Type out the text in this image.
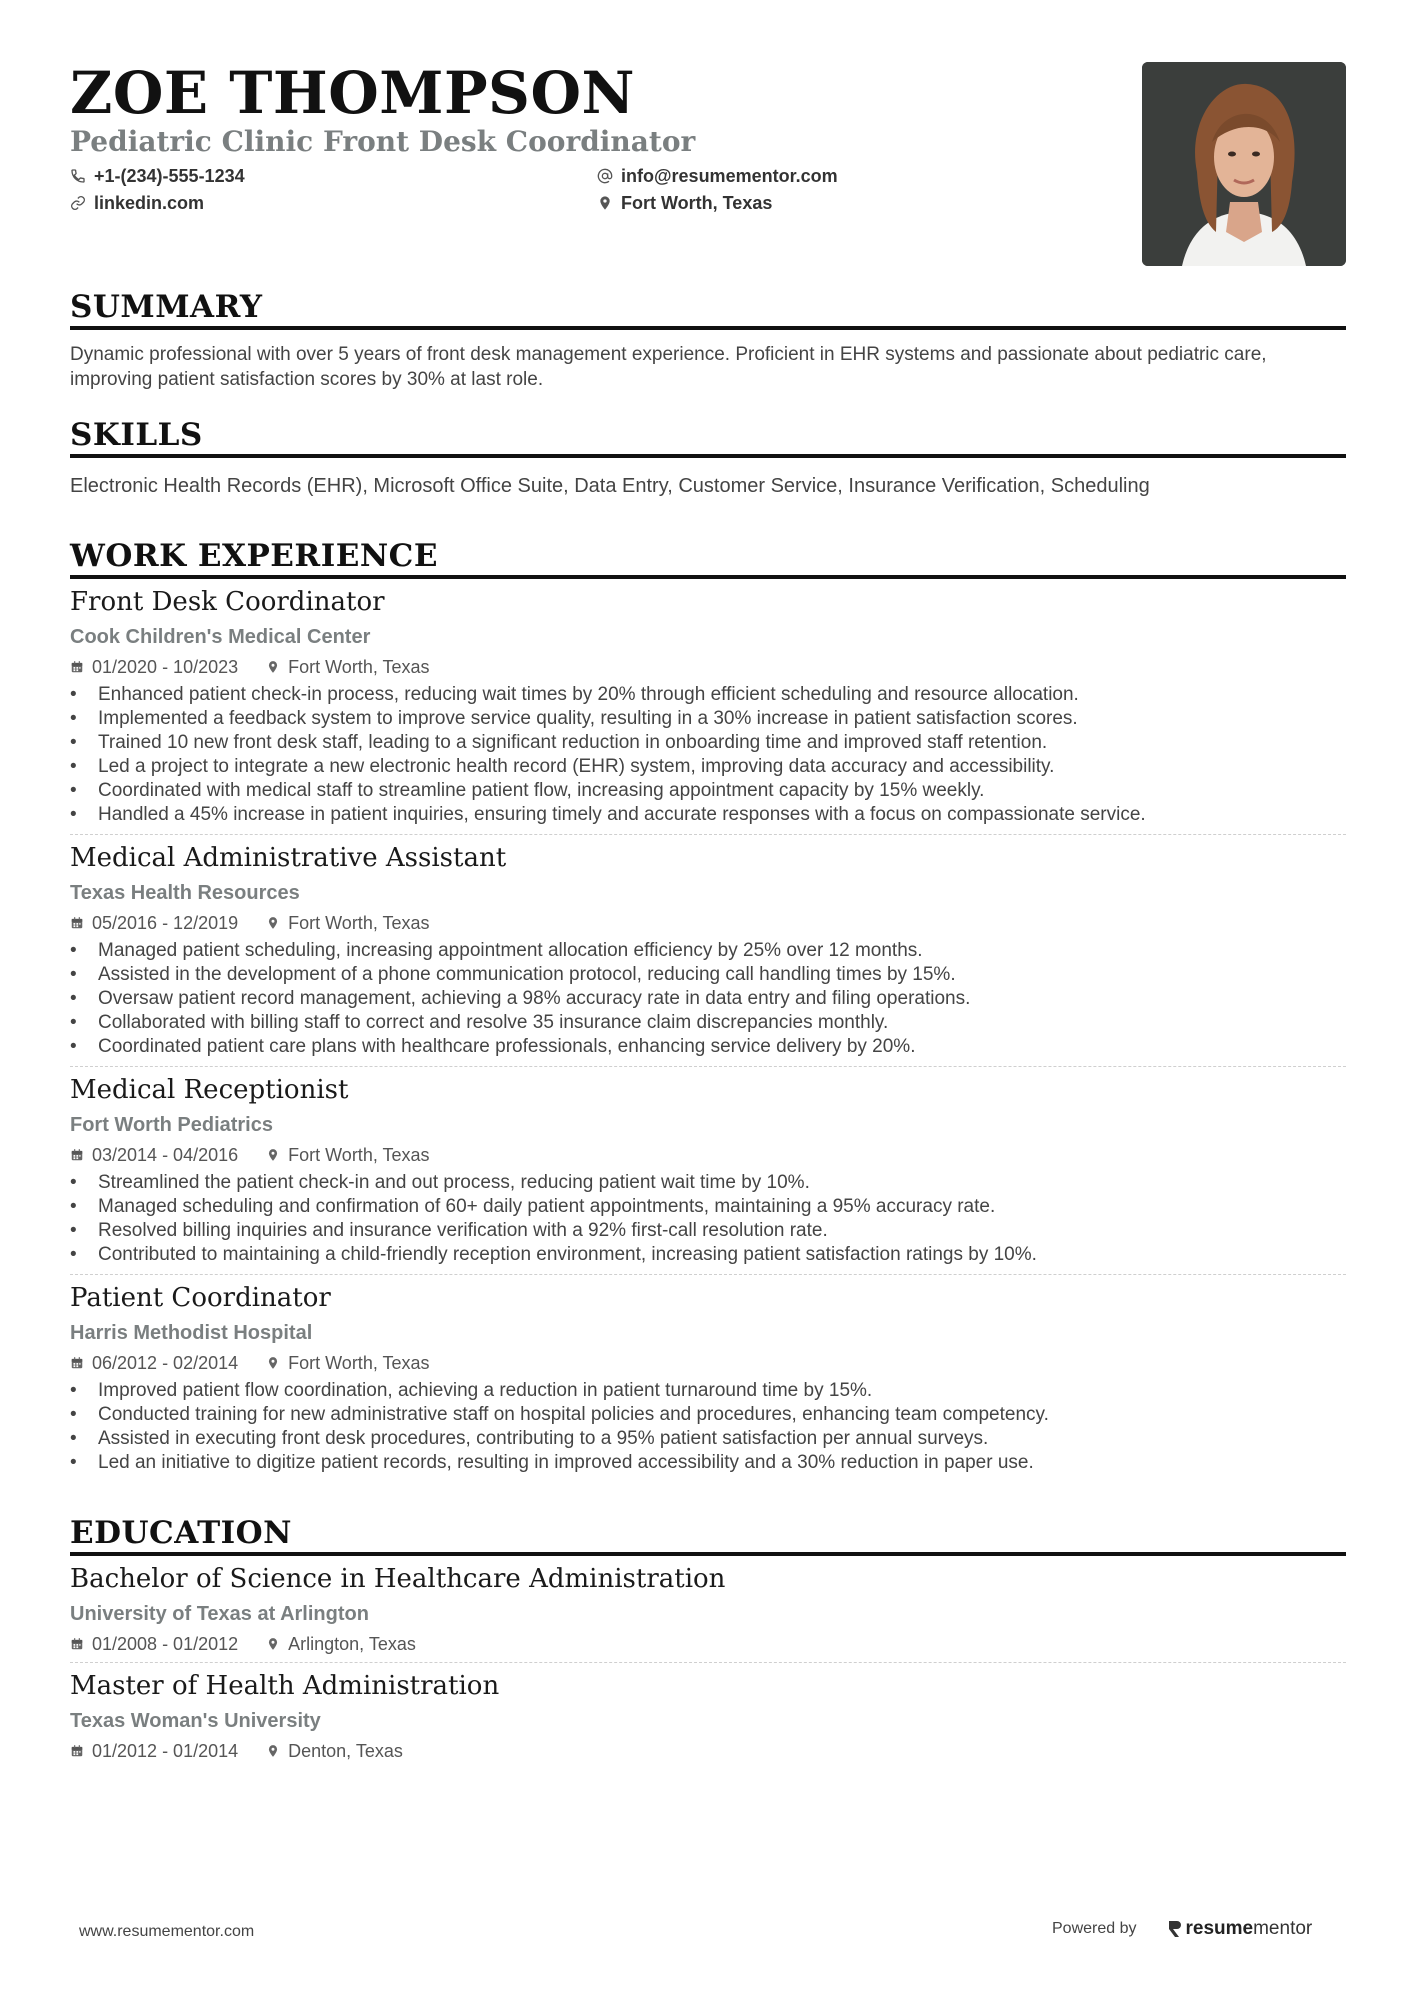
ZOE THOMPSON
Pediatric Clinic Front Desk Coordinator
+1-(234)-555-1234	info@resumementor.com
linkedin.com	Fort Worth, Texas
SUMMARY
Dynamic professional with over 5 years of front desk management experience. Proficient in EHR systems and passionate about pediatric care, improving patient satisfaction scores by 30% at last role.
SKILLS
Electronic Health Records (EHR), Microsoft Office Suite, Data Entry, Customer Service, Insurance Verification, Scheduling
WORK EXPERIENCE
Front Desk Coordinator
Cook Children's Medical Center
01/2020 - 10/2023	Fort Worth, Texas
• Enhanced patient check-in process, reducing wait times by 20% through efficient scheduling and resource allocation.
• Implemented a feedback system to improve service quality, resulting in a 30% increase in patient satisfaction scores.
• Trained 10 new front desk staff, leading to a significant reduction in onboarding time and improved staff retention.
• Led a project to integrate a new electronic health record (EHR) system, improving data accuracy and accessibility.
• Coordinated with medical staff to streamline patient flow, increasing appointment capacity by 15% weekly.
• Handled a 45% increase in patient inquiries, ensuring timely and accurate responses with a focus on compassionate service.
Medical Administrative Assistant
Texas Health Resources
05/2016 - 12/2019	Fort Worth, Texas
• Managed patient scheduling, increasing appointment allocation efficiency by 25% over 12 months.
• Assisted in the development of a phone communication protocol, reducing call handling times by 15%.
• Oversaw patient record management, achieving a 98% accuracy rate in data entry and filing operations.
• Collaborated with billing staff to correct and resolve 35 insurance claim discrepancies monthly.
• Coordinated patient care plans with healthcare professionals, enhancing service delivery by 20%.
Medical Receptionist
Fort Worth Pediatrics
03/2014 - 04/2016	Fort Worth, Texas
• Streamlined the patient check-in and out process, reducing patient wait time by 10%.
• Managed scheduling and confirmation of 60+ daily patient appointments, maintaining a 95% accuracy rate.
• Resolved billing inquiries and insurance verification with a 92% first-call resolution rate.
• Contributed to maintaining a child-friendly reception environment, increasing patient satisfaction ratings by 10%.
Patient Coordinator
Harris Methodist Hospital
06/2012 - 02/2014	Fort Worth, Texas
• Improved patient flow coordination, achieving a reduction in patient turnaround time by 15%.
• Conducted training for new administrative staff on hospital policies and procedures, enhancing team competency.
• Assisted in executing front desk procedures, contributing to a 95% patient satisfaction per annual surveys.
• Led an initiative to digitize patient records, resulting in improved accessibility and a 30% reduction in paper use.
EDUCATION
Bachelor of Science in Healthcare Administration
University of Texas at Arlington
01/2008 - 01/2012	Arlington, Texas
Master of Health Administration
Texas Woman's University
01/2012 - 01/2014	Denton, Texas
www.resumementor.com	Powered by	resume mentor
